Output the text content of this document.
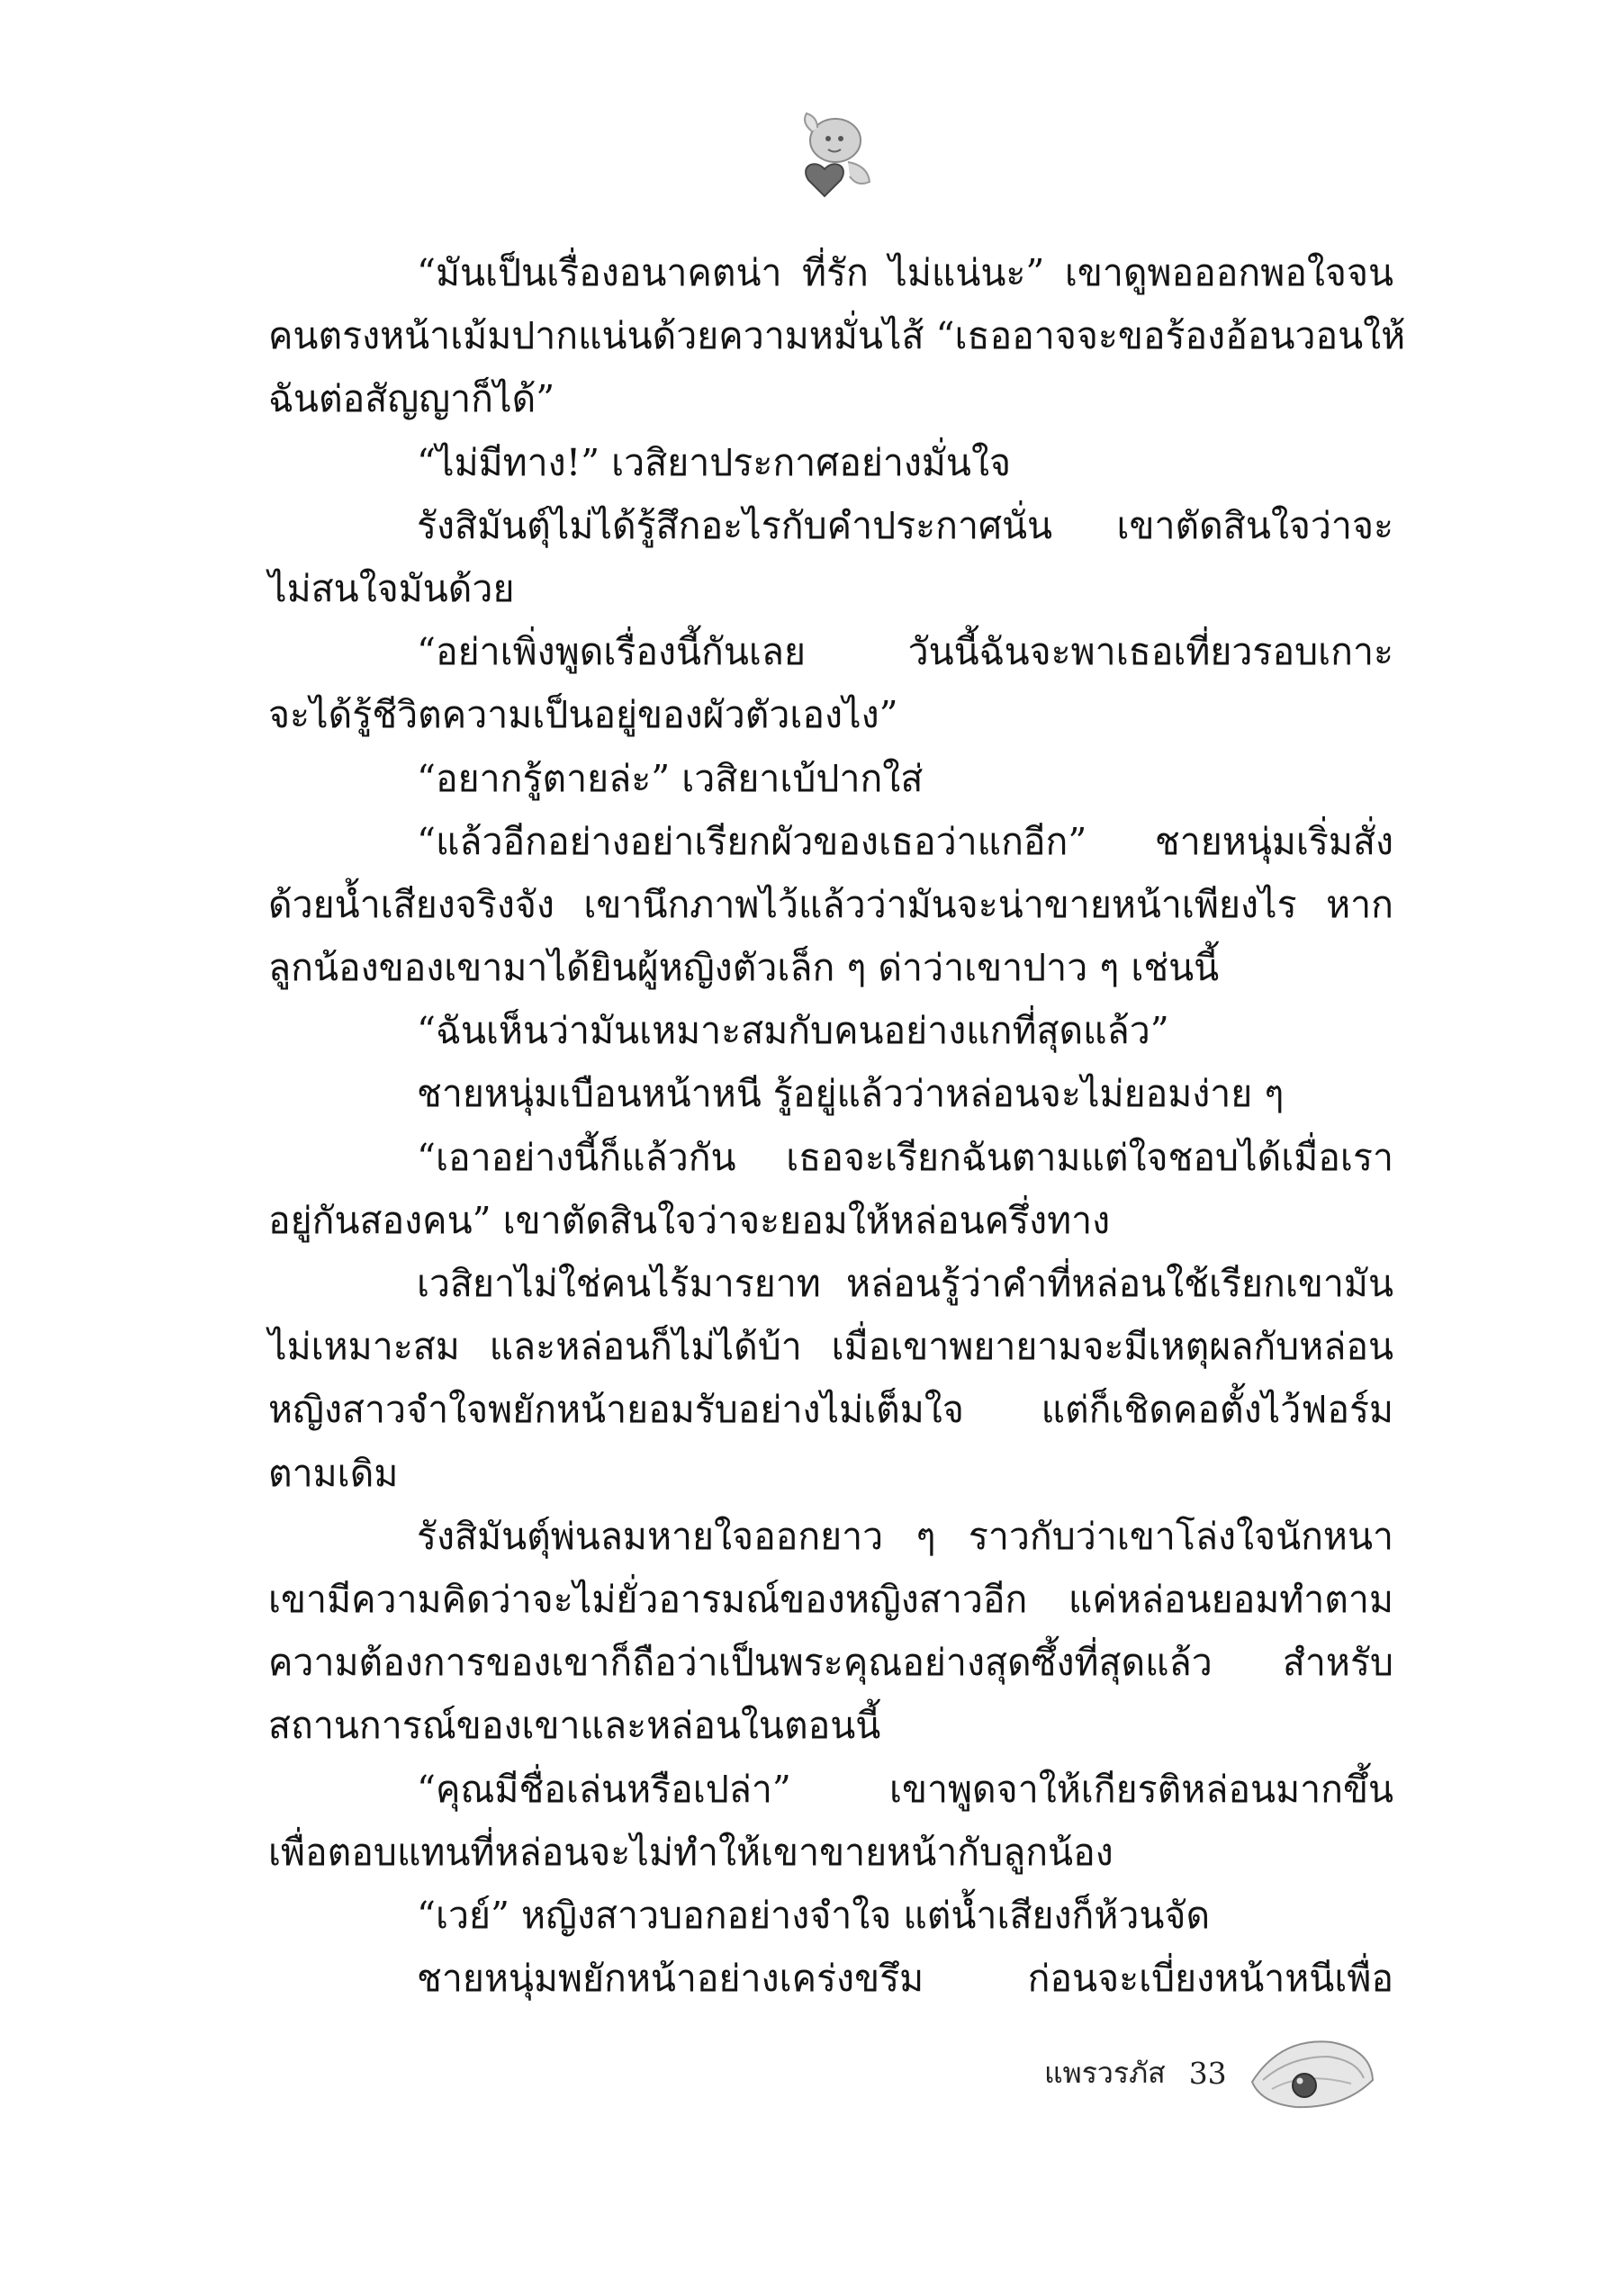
“มันเป็นเรื่องอนาคตน่า ที่รัก ไม่แน่นะ” เขาดูพอออกพอใจจน
คนตรงหน้าเม้มปากแน่นด้วยความหมั่นไส้ “เธออาจจะขอร้องอ้อนวอนให้
ฉันต่อสัญญาก็ได้”
“ไม่มีทาง!” เวสิยาประกาศอย่างมั่นใจ
รังสิมันตุ์ไม่ได้รู้สึกอะไรกับคำประกาศนั่น เขาตัดสินใจว่าจะ
ไม่สนใจมันด้วย
“อย่าเพิ่งพูดเรื่องนี้กันเลย วันนี้ฉันจะพาเธอเที่ยวรอบเกาะ
จะได้รู้ชีวิตความเป็นอยู่ของผัวตัวเองไง”
“อยากรู้ตายล่ะ” เวสิยาเบ้ปากใส่
“แล้วอีกอย่างอย่าเรียกผัวของเธอว่าแกอีก” ชายหนุ่มเริ่มสั่ง
ด้วยน้ำเสียงจริงจัง เขานึกภาพไว้แล้วว่ามันจะน่าขายหน้าเพียงไร หาก
ลูกน้องของเขามาได้ยินผู้หญิงตัวเล็ก ๆ ด่าว่าเขาปาว ๆ เช่นนี้
“ฉันเห็นว่ามันเหมาะสมกับคนอย่างแกที่สุดแล้ว”
ชายหนุ่มเบือนหน้าหนี รู้อยู่แล้วว่าหล่อนจะไม่ยอมง่าย ๆ
“เอาอย่างนี้ก็แล้วกัน เธอจะเรียกฉันตามแต่ใจชอบได้เมื่อเรา
อยู่กันสองคน” เขาตัดสินใจว่าจะยอมให้หล่อนครึ่งทาง
เวสิยาไม่ใช่คนไร้มารยาท หล่อนรู้ว่าคำที่หล่อนใช้เรียกเขามัน
ไม่เหมาะสม และหล่อนก็ไม่ได้บ้า เมื่อเขาพยายามจะมีเหตุผลกับหล่อน
หญิงสาวจำใจพยักหน้ายอมรับอย่างไม่เต็มใจ แต่ก็เชิดคอตั้งไว้ฟอร์ม
ตามเดิม
รังสิมันตุ์พ่นลมหายใจออกยาว ๆ ราวกับว่าเขาโล่งใจนักหนา
เขามีความคิดว่าจะไม่ยั่วอารมณ์ของหญิงสาวอีก แค่หล่อนยอมทำตาม
ความต้องการของเขาก็ถือว่าเป็นพระคุณอย่างสุดซึ้งที่สุดแล้ว สำหรับ
สถานการณ์ของเขาและหล่อนในตอนนี้
“คุณมีชื่อเล่นหรือเปล่า” เขาพูดจาให้เกียรติหล่อนมากขึ้น
เพื่อตอบแทนที่หล่อนจะไม่ทำให้เขาขายหน้ากับลูกน้อง
“เวย์” หญิงสาวบอกอย่างจำใจ แต่น้ำเสียงก็ห้วนจัด
ชายหนุ่มพยักหน้าอย่างเคร่งขรึม ก่อนจะเบี่ยงหน้าหนีเพื่อ
แพรวรภัส 33
